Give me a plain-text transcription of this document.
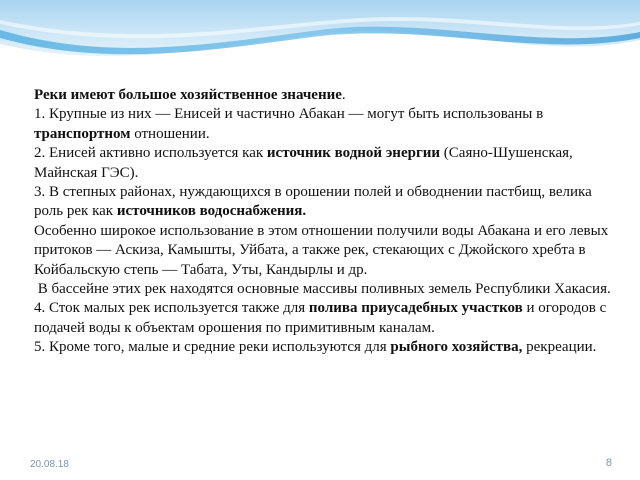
Реки имеют большое хозяйственное значение.

1. Крупные из них — Енисей и частично Абакан — могут быть использованы в транспортном отношении.

2. Енисей активно используется как источник водной энергии (Саяно-Шушенская, Майнская ГЭС).

3. В степных районах, нуждающихся в орошении полей и обводнении пастбищ, велика роль рек как источников водоснабжения.

Особенно широкое использование в этом отношении получили воды Абакана и его левых притоков — Аскиза, Камышты, Уйбата, а также рек, стекающих с Джойского хребта в Койбальскую степь — Табата, Уты, Кандырлы и др.

В бассейне этих рек находятся основные массивы поливных земель Республики Хакасия.

4. Сток малых рек используется также для полива приусадебных участков и огородов с подачей воды к объектам орошения по примитивным каналам.

5. Кроме того, малые и средние реки используются для рыбного хозяйства, рекреации.

20.08.18	8
